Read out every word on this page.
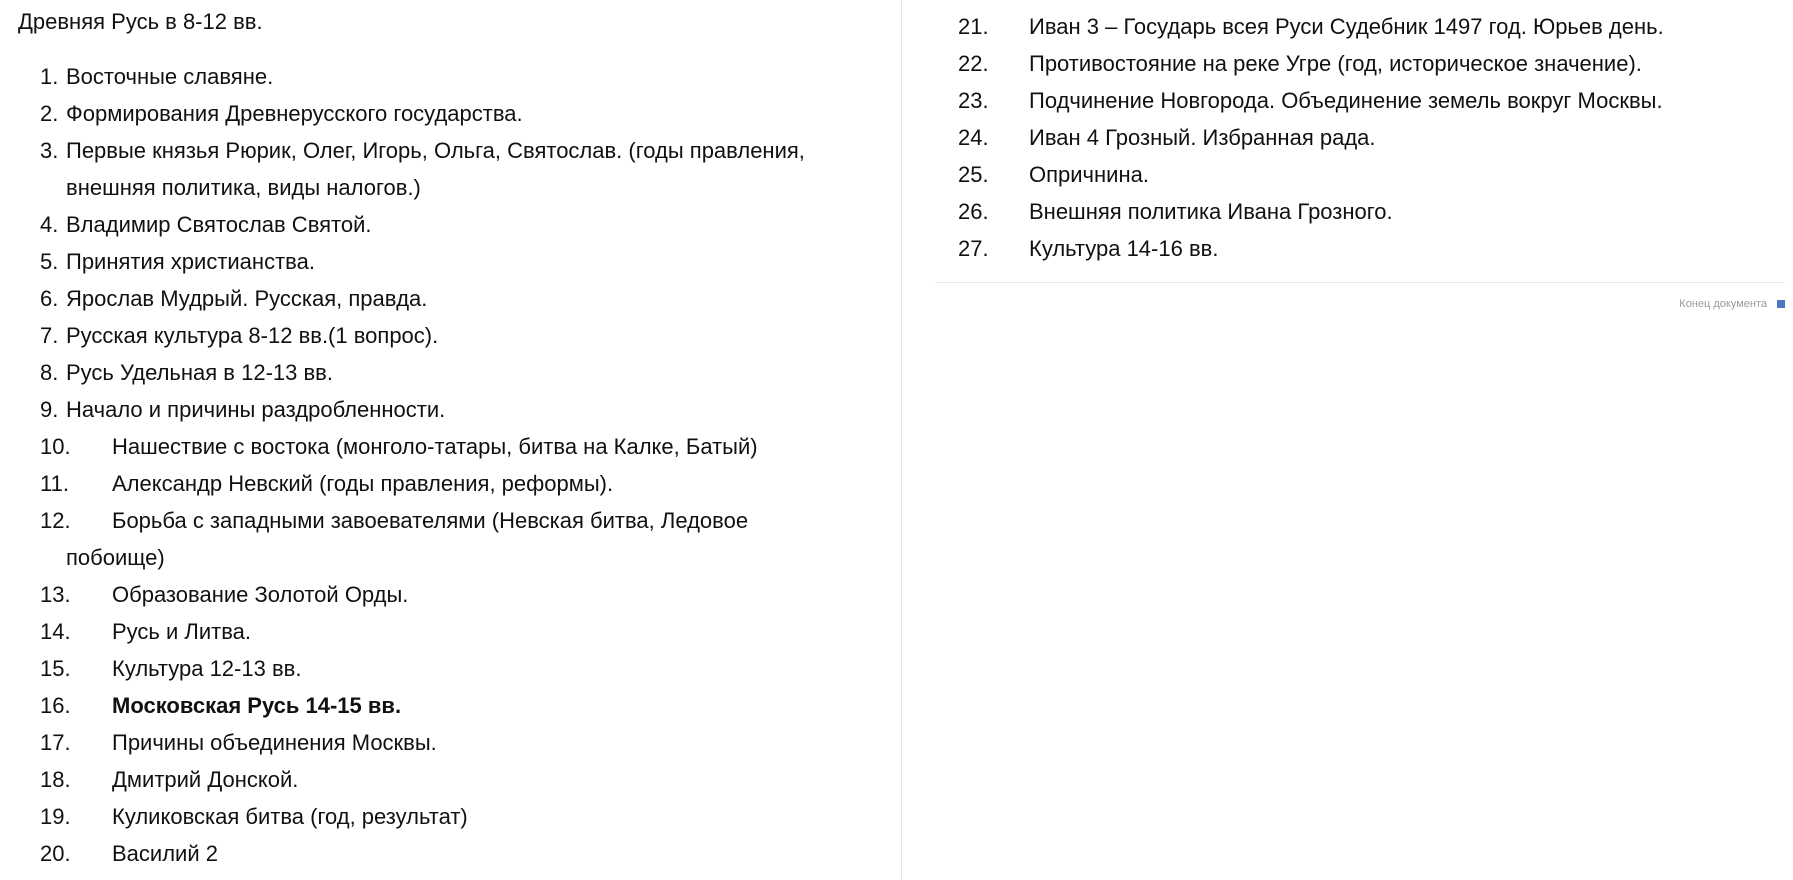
Древняя Русь в 8-12 вв.
1. Восточные славяне.
2. Формирования Древнерусского государства.
3. Первые князья Рюрик, Олег, Игорь, Ольга, Святослав. (годы правления,
внешняя политика, виды налогов.)
4. Владимир Святослав Святой.
5. Принятия христианства.
6. Ярослав Мудрый. Русская, правда.
7. Русская культура 8-12 вв.(1 вопрос).
8. Русь Удельная в 12-13 вв.
9. Начало и причины раздробленности.
10. Нашествие с востока (монголо-татары, битва на Калке, Батый)
11. Александр Невский (годы правления, реформы).
12. Борьба с западными завоевателями (Невская битва, Ледовое
побоище)
13. Образование Золотой Орды.
14. Русь и Литва.
15. Культура 12-13 вв.
16. Московская Русь 14-15 вв.
17. Причины объединения Москвы.
18. Дмитрий Донской.
19. Куликовская битва (год, результат)
20. Василий 2
21. Иван 3 – Государь всея Руси Судебник 1497 год. Юрьев день.
22. Противостояние на реке Угре (год, историческое значение).
23. Подчинение Новгорода. Объединение земель вокруг Москвы.
24. Иван 4 Грозный. Избранная рада.
25. Опричнина.
26. Внешняя политика Ивана Грозного.
27. Культура 14-16 вв.
Конец документа
